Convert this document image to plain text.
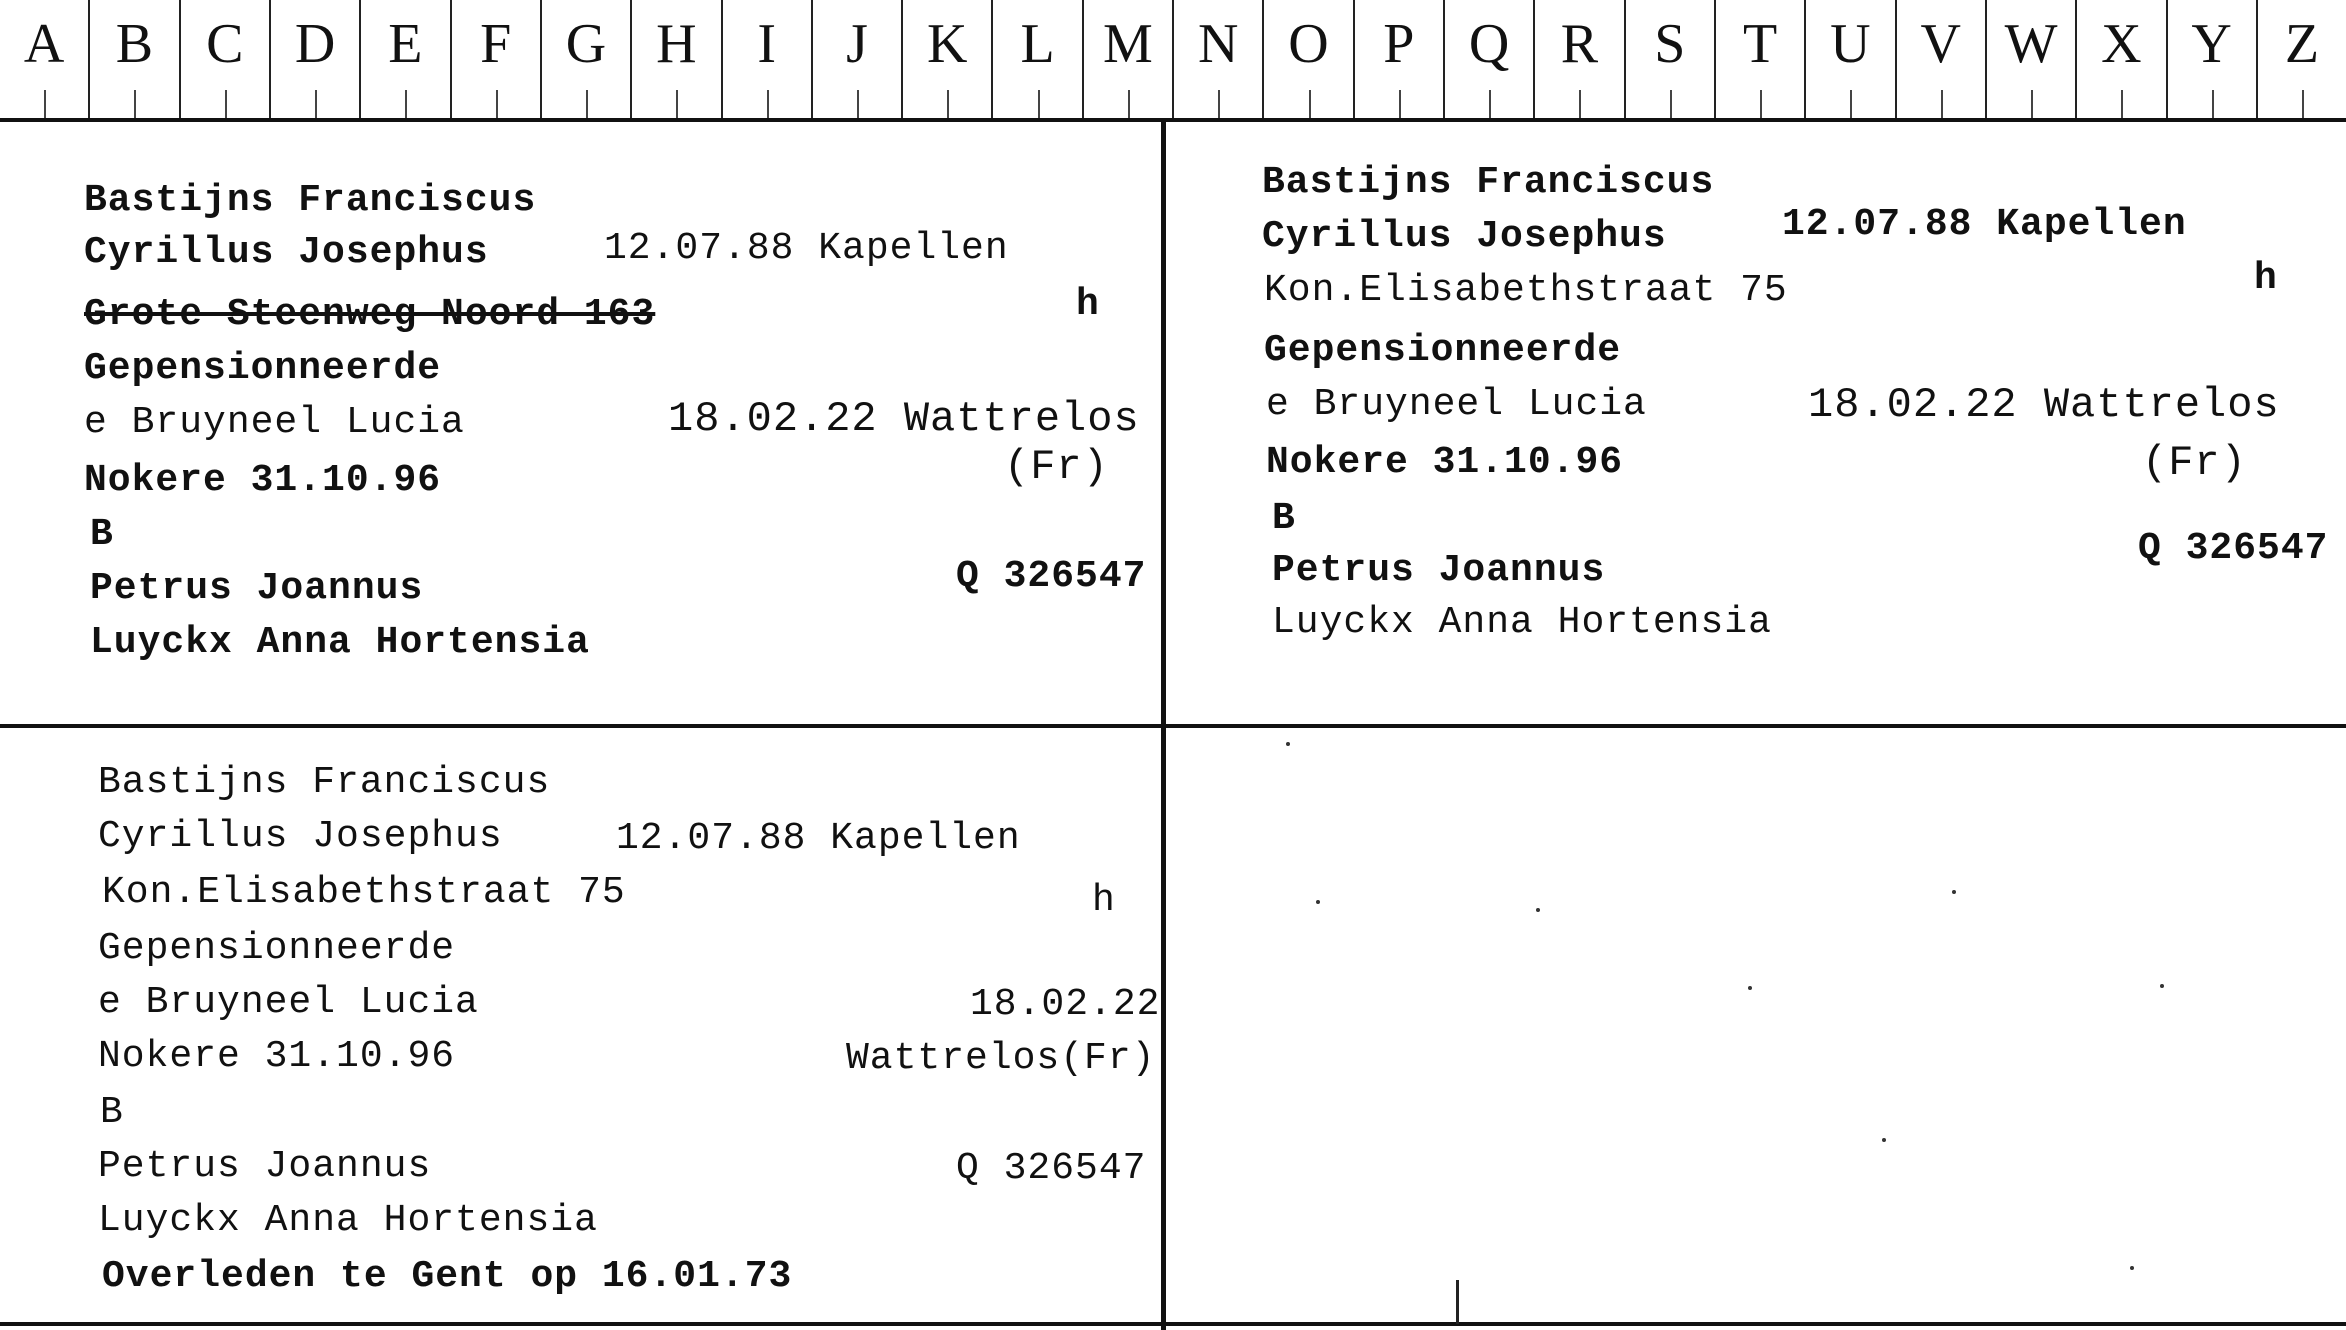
A B C D E F G H I J K L M N O P Q R S T U V W X Y Z
Bastijns Franciscus
Cyrillus Josephus	12.07.88 Kapellen
Grote Steenweg Noord 163	h
Gepensionneerde
e Bruyneel Lucia	18.02.22 Wattrelos
(Fr)
Nokere 31.10.96
B
Petrus Joannus	Q 326547
Luyckx Anna Hortensia
Bastijns Franciscus
Cyrillus Josephus	12.07.88 Kapellen
Kon.Elisabethstraat 75	h
Gepensionneerde
e Bruyneel Lucia	18.02.22 Wattrelos
(Fr)
Nokere 31.10.96
B
Petrus Joannus
Q 326547
Luyckx Anna Hortensia
Bastijns Franciscus
Cyrillus Josephus	12.07.88 Kapellen
Kon.Elisabethstraat 75	h
Gepensionneerde
e Bruyneel Lucia	18.02.22
Nokere 31.10.96	Wattrelos(Fr)
B
Petrus Joannus	Q 326547
Luyckx Anna Hortensia
Overleden te Gent op 16.01.73
